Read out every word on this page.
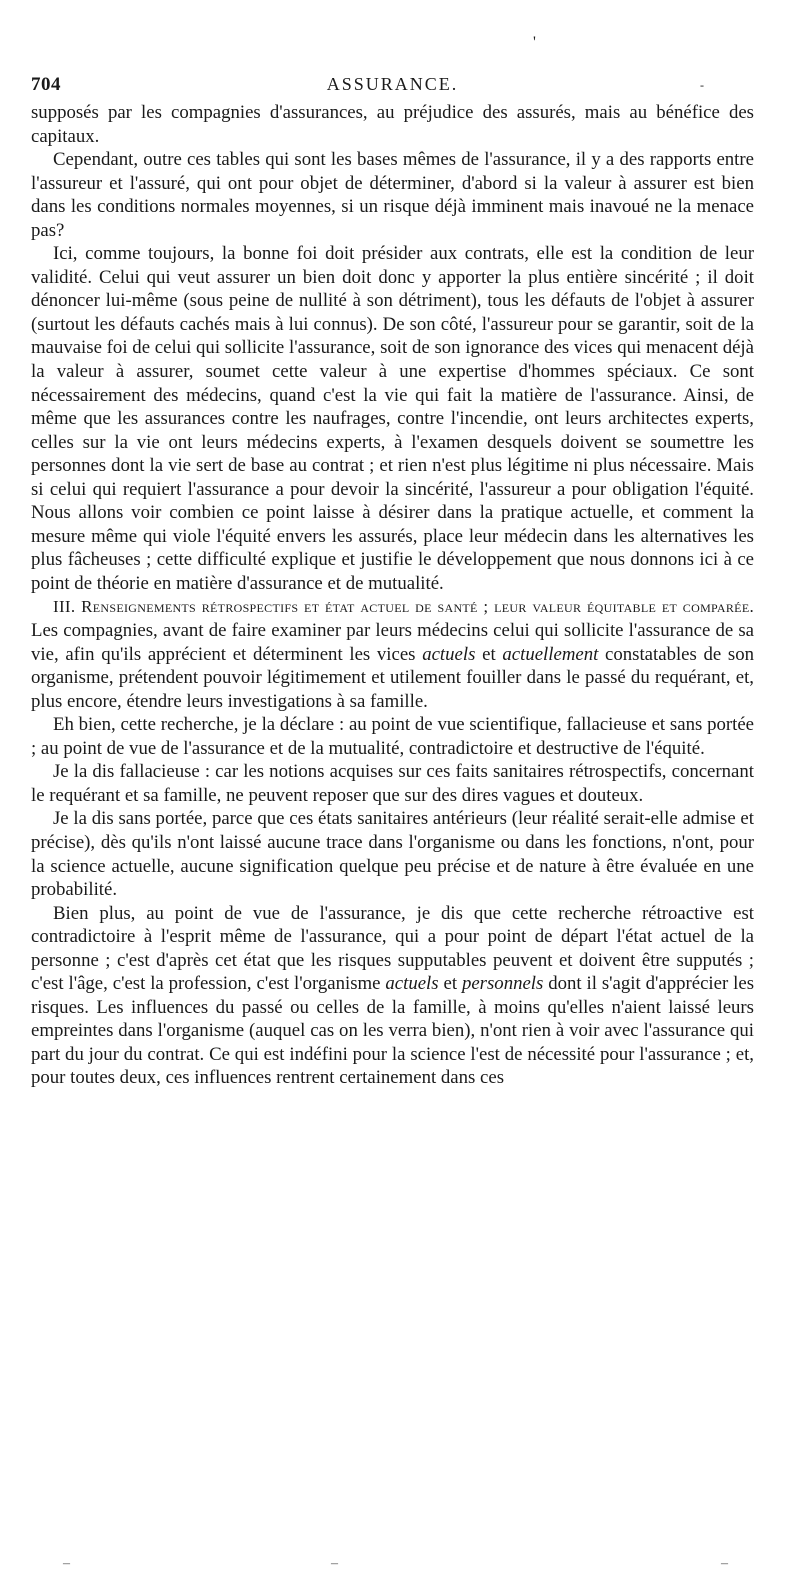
'
704	ASSURANCE.	-

supposés par les compagnies d'assurances, au préjudice des assurés, mais au bénéfice des capitaux.

Cependant, outre ces tables qui sont les bases mêmes de l'assurance, il y a des rapports entre l'assureur et l'assuré, qui ont pour objet de déterminer, d'abord si la valeur à assurer est bien dans les conditions normales moyennes, si un risque déjà imminent mais inavoué ne la menace pas?

Ici, comme toujours, la bonne foi doit présider aux contrats, elle est la condition de leur validité. Celui qui veut assurer un bien doit donc y apporter la plus entière sincérité ; il doit dénoncer lui-même (sous peine de nullité à son détriment), tous les défauts de l'objet à assurer (surtout les défauts cachés mais à lui connus). De son côté, l'assureur pour se garantir, soit de la mauvaise foi de celui qui sollicite l'assurance, soit de son ignorance des vices qui menacent déjà la valeur à assurer, soumet cette valeur à une expertise d'hommes spéciaux. Ce sont nécessairement des médecins, quand c'est la vie qui fait la matière de l'assurance. Ainsi, de même que les assurances contre les naufrages, contre l'incendie, ont leurs architectes experts, celles sur la vie ont leurs médecins experts, à l'examen desquels doivent se soumettre les personnes dont la vie sert de base au contrat ; et rien n'est plus légitime ni plus nécessaire. Mais si celui qui requiert l'assurance a pour devoir la sincérité, l'assureur a pour obligation l'équité. Nous allons voir combien ce point laisse à désirer dans la pratique actuelle, et comment la mesure même qui viole l'équité envers les assurés, place leur médecin dans les alternatives les plus fâcheuses ; cette difficulté explique et justifie le développement que nous donnons ici à ce point de théorie en matière d'assurance et de mutualité.

III. Renseignements rétrospectifs et état actuel de santé ; leur valeur équitable et comparée. Les compagnies, avant de faire examiner par leurs médecins celui qui sollicite l'assurance de sa vie, afin qu'ils apprécient et déterminent les vices actuels et actuellement constatables de son organisme, prétendent pouvoir légitimement et utilement fouiller dans le passé du requérant, et, plus encore, étendre leurs investigations à sa famille.

Eh bien, cette recherche, je la déclare : au point de vue scientifique, fallacieuse et sans portée ; au point de vue de l'assurance et de la mutualité, contradictoire et destructive de l'équité.

Je la dis fallacieuse : car les notions acquises sur ces faits sanitaires rétrospectifs, concernant le requérant et sa famille, ne peuvent reposer que sur des dires vagues et douteux.

Je la dis sans portée, parce que ces états sanitaires antérieurs (leur réalité serait-elle admise et précise), dès qu'ils n'ont laissé aucune trace dans l'organisme ou dans les fonctions, n'ont, pour la science actuelle, aucune signification quelque peu précise et de nature à être évaluée en une probabilité.

Bien plus, au point de vue de l'assurance, je dis que cette recherche rétroactive est contradictoire à l'esprit même de l'assurance, qui a pour point de départ l'état actuel de la personne ; c'est d'après cet état que les risques supputables peuvent et doivent être supputés ; c'est l'âge, c'est la profession, c'est l'organisme actuels et personnels dont il s'agit d'apprécier les risques. Les influences du passé ou celles de la famille, à moins qu'elles n'aient laissé leurs empreintes dans l'organisme (auquel cas on les verra bien), n'ont rien à voir avec l'assurance qui part du jour du contrat. Ce qui est indéfini pour la science l'est de nécessité pour l'assurance ; et, pour toutes deux, ces influences rentrent certainement dans ces

–	–	–
